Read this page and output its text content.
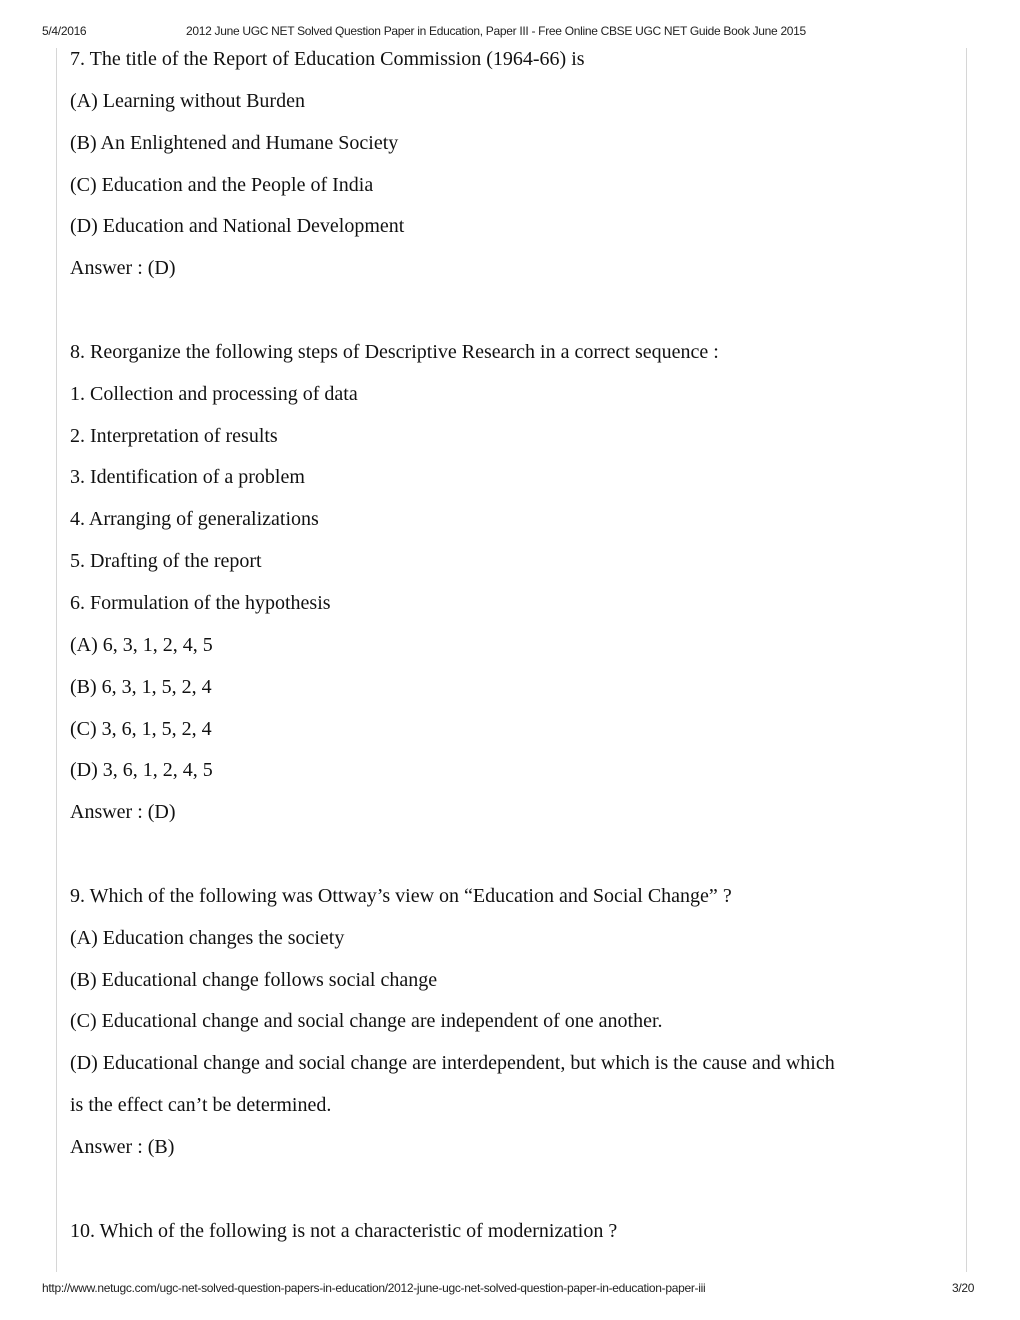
5/4/2016	2012 June UGC NET Solved Question Paper in Education, Paper III - Free Online CBSE UGC NET Guide Book June 2015
7. The title of the Report of Education Commission (1964-66) is
(A) Learning without Burden
(B) An Enlightened and Humane Society
(C) Education and the People of India
(D) Education and National Development
Answer : (D)
8. Reorganize the following steps of Descriptive Research in a correct sequence :
1. Collection and processing of data
2. Interpretation of results
3. Identification of a problem
4. Arranging of generalizations
5. Drafting of the report
6. Formulation of the hypothesis
(A) 6, 3, 1, 2, 4, 5
(B) 6, 3, 1, 5, 2, 4
(C) 3, 6, 1, 5, 2, 4
(D) 3, 6, 1, 2, 4, 5
Answer : (D)
9. Which of the following was Ottway’s view on “Education and Social Change” ?
(A) Education changes the society
(B) Educational change follows social change
(C) Educational change and social change are independent of one another.
(D) Educational change and social change are interdependent, but which is the cause and which
is the effect can’t be determined.
Answer : (B)
10. Which of the following is not a characteristic of modernization ?
http://www.netugc.com/ugc-net-solved-question-papers-in-education/2012-june-ugc-net-solved-question-paper-in-education-paper-iii	3/20
